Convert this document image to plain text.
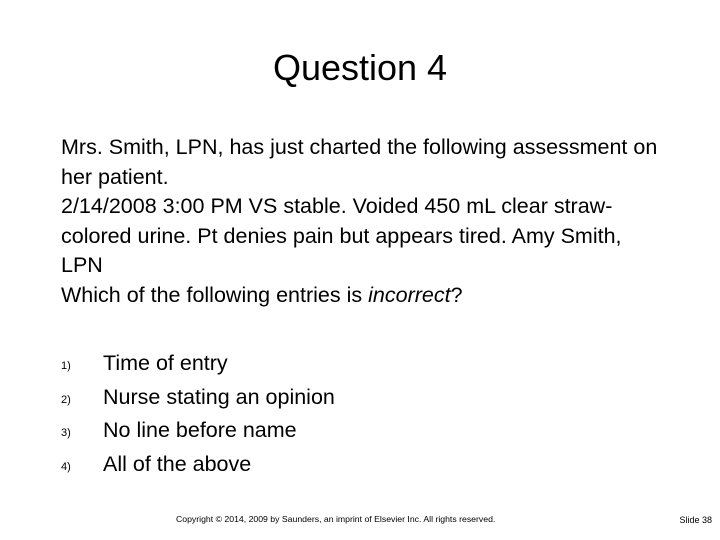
Question 4

Mrs. Smith, LPN, has just charted the following assessment on her patient.

2/14/2008 3:00 PM VS stable. Voided 450 mL clear straw-colored urine. Pt denies pain but appears tired. Amy Smith, LPN

Which of the following entries is incorrect?

1) Time of entry
2) Nurse stating an opinion
3) No line before name
4) All of the above
Copyright © 2014, 2009 by Saunders, an imprint of Elsevier Inc. All rights reserved.	Slide 38
